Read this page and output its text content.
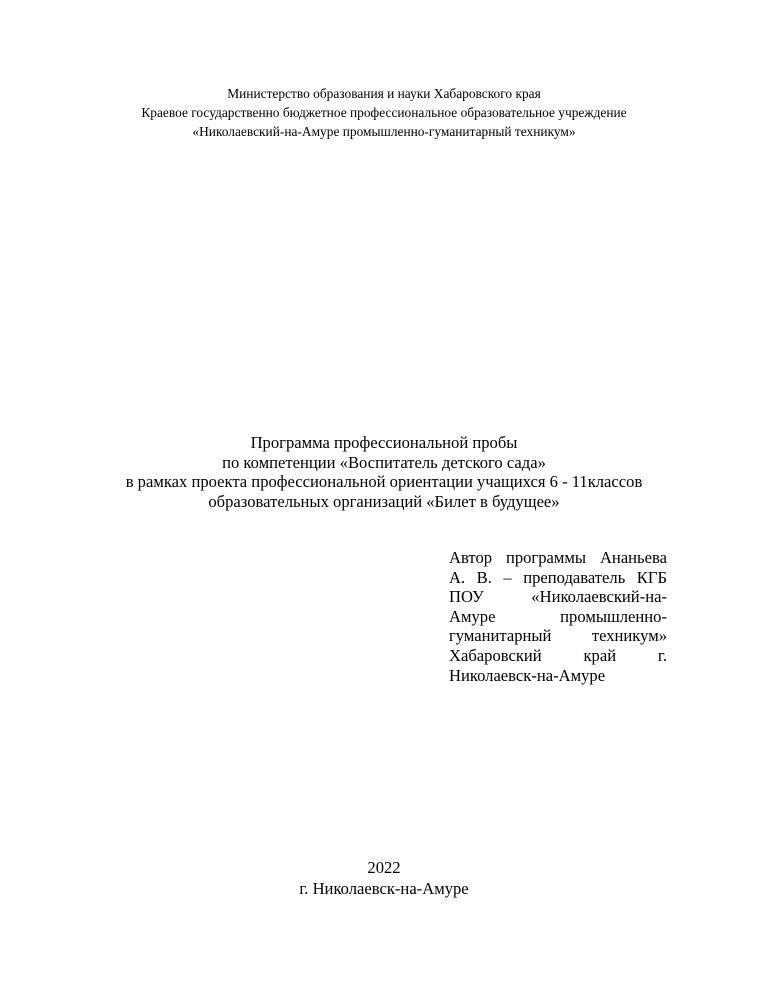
Министерство образования и науки Хабаровского края
Краевое государственно бюджетное профессиональное образовательное учреждение
«Николаевский-на-Амуре промышленно-гуманитарный техникум»
Программа профессиональной пробы
по компетенции «Воспитатель детского сада»
в рамках проекта профессиональной ориентации учащихся 6 - 11классов
образовательных организаций «Билет в будущее»
Автор программы Ананьева
А. В. – преподаватель КГБ
ПОУ	«Николаевский-на-
Амуре	промышленно-
гуманитарный техникум»
Хабаровский	край	г.
Николаевск-на-Амуре
2022
г. Николаевск-на-Амуре
